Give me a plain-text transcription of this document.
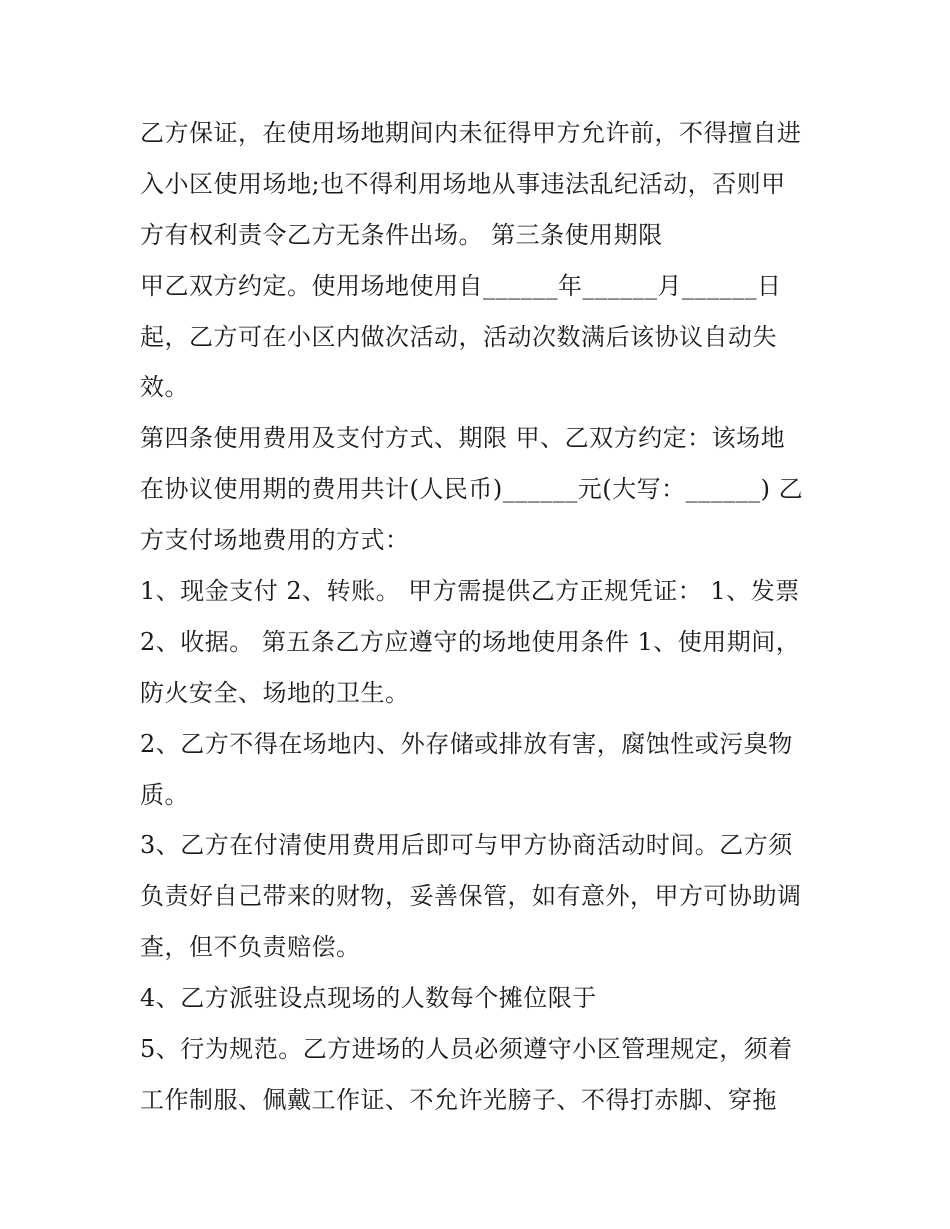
乙方保证，在使用场地期间内未征得甲方允许前，不得擅自进
入小区使用场地;也不得利用场地从事违法乱纪活动，否则甲
方有权利责令乙方无条件出场。 第三条使用期限
甲乙双方约定。使用场地使用自______年______月______日
起，乙方可在小区内做次活动，活动次数满后该协议自动失
效。
第四条使用费用及支付方式、期限 甲、乙双方约定：该场地
在协议使用期的费用共计(人民币)______元(大写：______) 乙
方支付场地费用的方式：
1、现金支付 2、转账。 甲方需提供乙方正规凭证： 1、发票
2、收据。 第五条乙方应遵守的场地使用条件 1、使用期间，
防火安全、场地的卫生。
2、乙方不得在场地内、外存储或排放有害，腐蚀性或污臭物
质。
3、乙方在付清使用费用后即可与甲方协商活动时间。乙方须
负责好自己带来的财物，妥善保管，如有意外，甲方可协助调
查，但不负责赔偿。
4、乙方派驻设点现场的人数每个摊位限于
5、行为规范。乙方进场的人员必须遵守小区管理规定，须着
工作制服、佩戴工作证、不允许光膀子、不得打赤脚、穿拖
